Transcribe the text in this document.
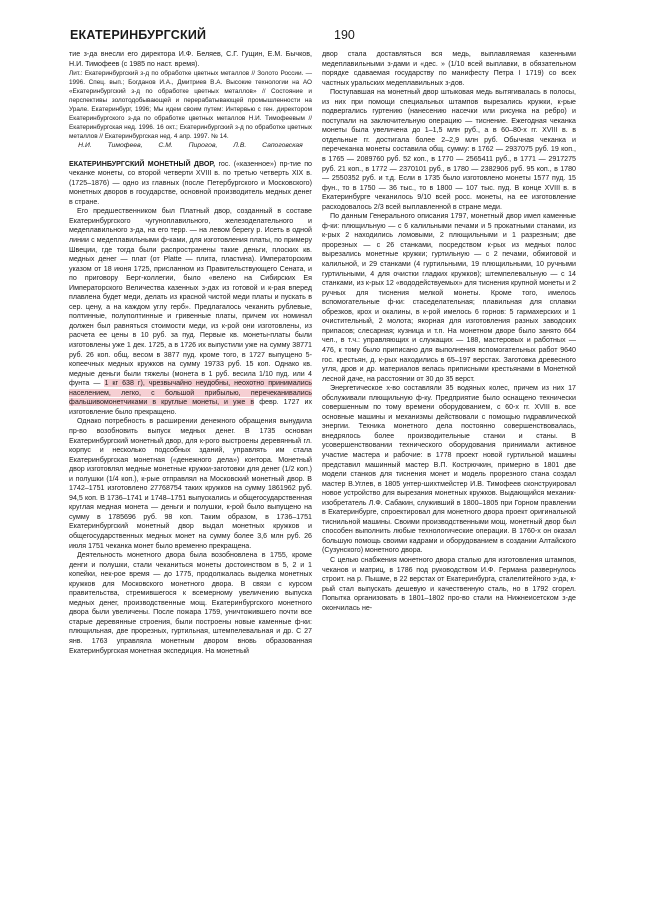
ЕКАТЕРИНБУРГСКИЙ	190

тие з-да внесли его директора И.Ф. Беляев, С.Г. Гущин, Е.М. Бычков, Н.И. Тимофеев (с 1985 по наст. время).

Лит.: Екатеринбургский з-д по обработке цветных металлов // Золото России. — 1996. Спец. вып.; Богданов И.А., Дмитриев В.А. Высокие технологии на АО «Екатеринбургский з-д по обработке цветных металлов» // Состояние и перспективы золотодобывающей и перерабатывающей промышленности на Урале. Екатеринбург, 1996; Мы идем своим путем: Интервью с ген. директором Екатеринбургского з-да по обработке цветных металлов Н.И. Тимофеевым // Екатеринбургская нед. 1996. 16 окт.; Екатеринбургский з-д по обработке цветных металлов // Екатеринбургская нед. 4 апр. 1997. № 14.

Н.И. Тимофеев, С.М. Пирогов, Л.В. Сапоговская

ЕКАТЕРИНБУРГСКИЙ МОНЕТНЫЙ ДВОР, гос. («казенное») пр-тие по чеканке монеты, со второй четверти XVIII в. по третью четверть XIX в. (1725–1876) — одно из главных (после Петербургского и Московского) монетных дворов в государстве, основной производитель медных денег в стране.

Его предшественником был Платный двор, созданный в составе Екатеринбургского чугуноплавильного, железоделательного и медеплавильного з-да, на его терр. — на левом берегу р. Исеть в одной линии с медеплавильными ф-ками, для изготовления платы, по примеру Швеции, где тогда были распространены такие деньги, плоских кв. медных денег — плат (от Platte — плита, пластина). Императорским указом от 18 июня 1725, присланном из Правительствующего Сената, и по приговору Берг-коллегии, было «велено на Сибирских Ея Императорского Величества казенных з-дах из готовой и к-рая вперед плавлена будет меди, делать из красной чистой меди платы и пускать в сер. цену, а на каждом углу герб». Предлагалось чеканить рублевые, полтинные, полуполтинные и гривенные платы, причем их номинал должен был равняться стоимости меди, из к-рой они изготовлены, из расчета ее цены в 10 руб. за пуд. Первые кв. монеты-платы были изготовлены уже 1 дек. 1725, а в 1726 их выпустили уже на сумму 38771 руб. 26 коп. общ. весом в 3877 пуд. кроме того, в 1727 выпущено 5-копеечных медных кружков на сумму 19733 руб. 15 коп. Однако кв. медные деньги были тяжелы (монета в 1 руб. весила 1/10 пуд. или 4 фунта — 1 кг 638 г), чрезвычайно неудобны, неохотно принимались населением, легко, с большой прибылью, перечеканивались фальшивомонетчиками в круглые монеты, и уже в февр. 1727 их изготовление было прекращено.

Однако потребность в расширении денежного обращения вынудила пр-во возобновить выпуск медных денег. В 1735 основан Екатеринбургский монетный двор, для к-рого выстроены деревянный гл. корпус и несколько подсобных зданий, управлять им стала Екатеринбургская монетная («денежного дела») контора. Монетный двор изготовлял медные монетные кружки-заготовки для денег (1/2 коп.) и полушки (1/4 коп.), к-рые отправлял на Московский монетный двор. В 1742–1751 изготовлено 27768754 таких кружков на сумму 1861962 руб. 94,5 коп. В 1736–1741 и 1748–1751 выпускались и общегосударственная круглая медная монета — деньги и полушки, к-рой было выпущено на сумму в 1785696 руб. 98 коп. Таким образом, в 1736–1751 Екатеринбургский монетный двор выдал монетных кружков и общегосударственных медных монет на сумму более 3,6 млн руб. 26 июля 1751 чеканка монет было временно прекращена.

Деятельность монетного двора была возобновлена в 1755, кроме денги и полушки, стали чеканиться монеты достоинством в 5, 2 и 1 копейки, нек-рое время — до 1775, продолжалась выделка монетных кружков для Московского монетного двора. В связи с курсом правительства, стремившегося к всемерному увеличению выпуска медных денег, производственные мощ. Екатеринбургского монетного двора были увеличены. После пожара 1759, уничтожившего почти все старые деревянные строения, были построены новые каменные ф-ки: плющильная, две прорезных, гуртильная, штемпелевальная и др. С 27 янв. 1763 управляла монетным двором вновь образованная Екатеринбургская монетная экспедиция. На монетный

двор стала доставляться вся медь, выплавляемая казенными медеплавильными з-дами и «дес. » (1/10 всей выплавки, в обязательном порядке сдаваемая государству по манифесту Петра I 1719) со всех частных уральских медеплавильных з-дов.

Поступавшая на монетный двор штыковая медь вытягивалась в полосы, из них при помощи специальных штампов вырезались кружки, к-рые подвергались гуртению (нанесению насечки или рисунка на ребро) и поступали на заключительную операцию — тиснение. Ежегодная чеканка монеты была увеличена до 1–1,5 млн руб., а в 60–80-х гг. XVIII в. в отдельные гг. достигала более 2–2,9 млн руб. Обычная чеканка и перечеканка монеты составила общ. сумму: в 1762 — 2937075 руб. 19 коп., в 1765 — 2089760 руб. 52 коп., в 1770 — 2565411 руб., в 1771 — 2917275 руб. 21 коп., в 1772 — 2370101 руб., в 1780 — 2382906 руб. 95 коп., в 1780 — 2550352 руб. и т.д. Если в 1735 было изготовлено монеты 1577 пуд. 15 фун., то в 1750 — 36 тыс., то в 1800 — 107 тыс. пуд. В конце XVIII в. в Екатеринбурге чеканилось 9/10 всей росс. монеты, на ее изготовление расходовалось 2/3 всей выплавленной в стране меди.

По данным Генерального описания 1797, монетный двор имел каменные ф-ки: плющильную — с 6 калильными печами и 5 прокатными станами, из к-рых 2 находились ломовыми, 2 плющильными и 1 разрезным; две прорезных — с 26 станками, посредством к-рых из медных полос вырезались монетные кружки; гуртильную — с 2 печами, обжиговой и калильной, и 29 станками (4 гуртильными, 19 плющильными, 10 ручными гуртильными, 4 для очистки гладких кружков); штемпелевальную — с 14 станками, из к-рых 12 «вододействуемых» для тиснения крупной монеты и 2 ручных для тиснения мелкой монеты. Кроме того, имелось вспомогательные ф-ки: стаседелательная; плавильная для сплавки обрезков, крох и окалины, в к-рой имелось 6 горнов: 5 гармахерских и 1 очистительный, 2 молота; якорная для изготовления разных заводских припасов; слесарная; кузница и т.п. На монетном дворе было занято 664 чел., в т.ч.: управляющих и служащих — 188, мастеровых и работных — 476, к тому было приписано для выполнения вспомогательных работ 9640 гос. крестьян, д. к-рых находились в 65–197 верстах. Заготовка древесного угля, дров и др. материалов велась приписными крестьянами в Монетной лесной даче, на расстоянии от 30 до 35 верст.

Энергетическое х-во составляли 35 водяных колес, причем из них 17 обслуживали плющильную ф-ку. Предприятие было оснащено технически совершенным по тому времени оборудованием, с 60-х гг. XVIII в. все основные машины и механизмы действовали с помощью гидравлической энергии. Техника монетного дела постоянно совершенствовалась, внедрялось более производительные станки и станы. В усовершенствовании технического оборудования принимали активное участие мастера и рабочие: в 1778 проект новой гуртильной машины представил машинный мастер В.П. Кострючкин, примерно в 1801 две модели станков для тиснения монет и модель прорезного стана создал мастер В.Углев, в 1805 унтер-шихтмейстер И.В. Тимофеев сконструировал новое устройство для вырезания монетных кружков. Выдающийся механик-изобретатель Л.Ф. Сабакин, служивший в 1800–1805 при Горном правлении в Екатеринбурге, спроектировал для монетного двора проект оригинальной тиснильной машины. Своими производственными мощ. монетный двор был способен выполнить любые технологические операции. В 1760-х он оказал большую помощь своими кадрами и оборудованием в создании Алтайского (Сузунского) монетного двора.

С целью снабжения монетного двора сталью для изготовления штампов, чеканов и матриц, в 1786 под руководством И.Ф. Германа развернулось строит. на р. Пышме, в 22 верстах от Екатеринбурга, сталелитейного з-да, к-рый стал выпускать дешевую и качественную сталь, но в 1792 сгорел. Попытка организовать в 1801–1802 про-во стали на Нижнеисетском з-де окончилась не-
